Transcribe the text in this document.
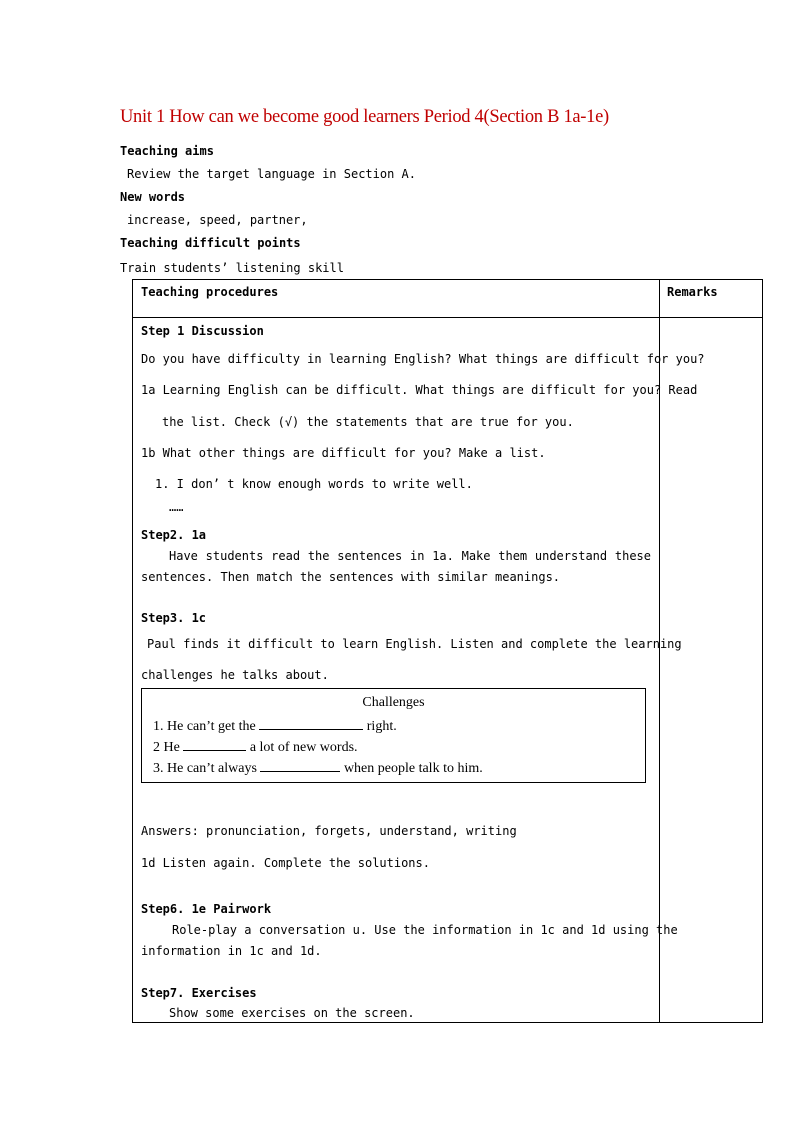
Unit 1 How can we become good learners Period 4(Section B 1a-1e)
Teaching aims
Review the target language in Section A.
New words
increase, speed, partner,
Teaching difficult points
Train students’ listening skill
Teaching procedures	Remarks
Step 1 Discussion
Do you have difficulty in learning English? What things are difficult for you?
1a Learning English can be difficult. What things are difficult for you? Read
the list. Check (√) the statements that are true for you.
1b What other things are difficult for you? Make a list.
1. I don’ t know enough words to write well.
……
Step2. 1a
Have students read the sentences in 1a. Make them understand these
sentences. Then match the sentences with similar meanings.
Step3. 1c
Paul finds it difficult to learn English. Listen and complete the learning
challenges he talks about.
Challenges
1. He can’t get the	right.
2 He	a lot of new words.
3. He can’t always	when people talk to him.
Answers: pronunciation, forgets, understand, writing
1d Listen again. Complete the solutions.
Step6. 1e Pairwork
Role-play a conversation u. Use the information in 1c and 1d using the
information in 1c and 1d.
Step7. Exercises
Show some exercises on the screen.
